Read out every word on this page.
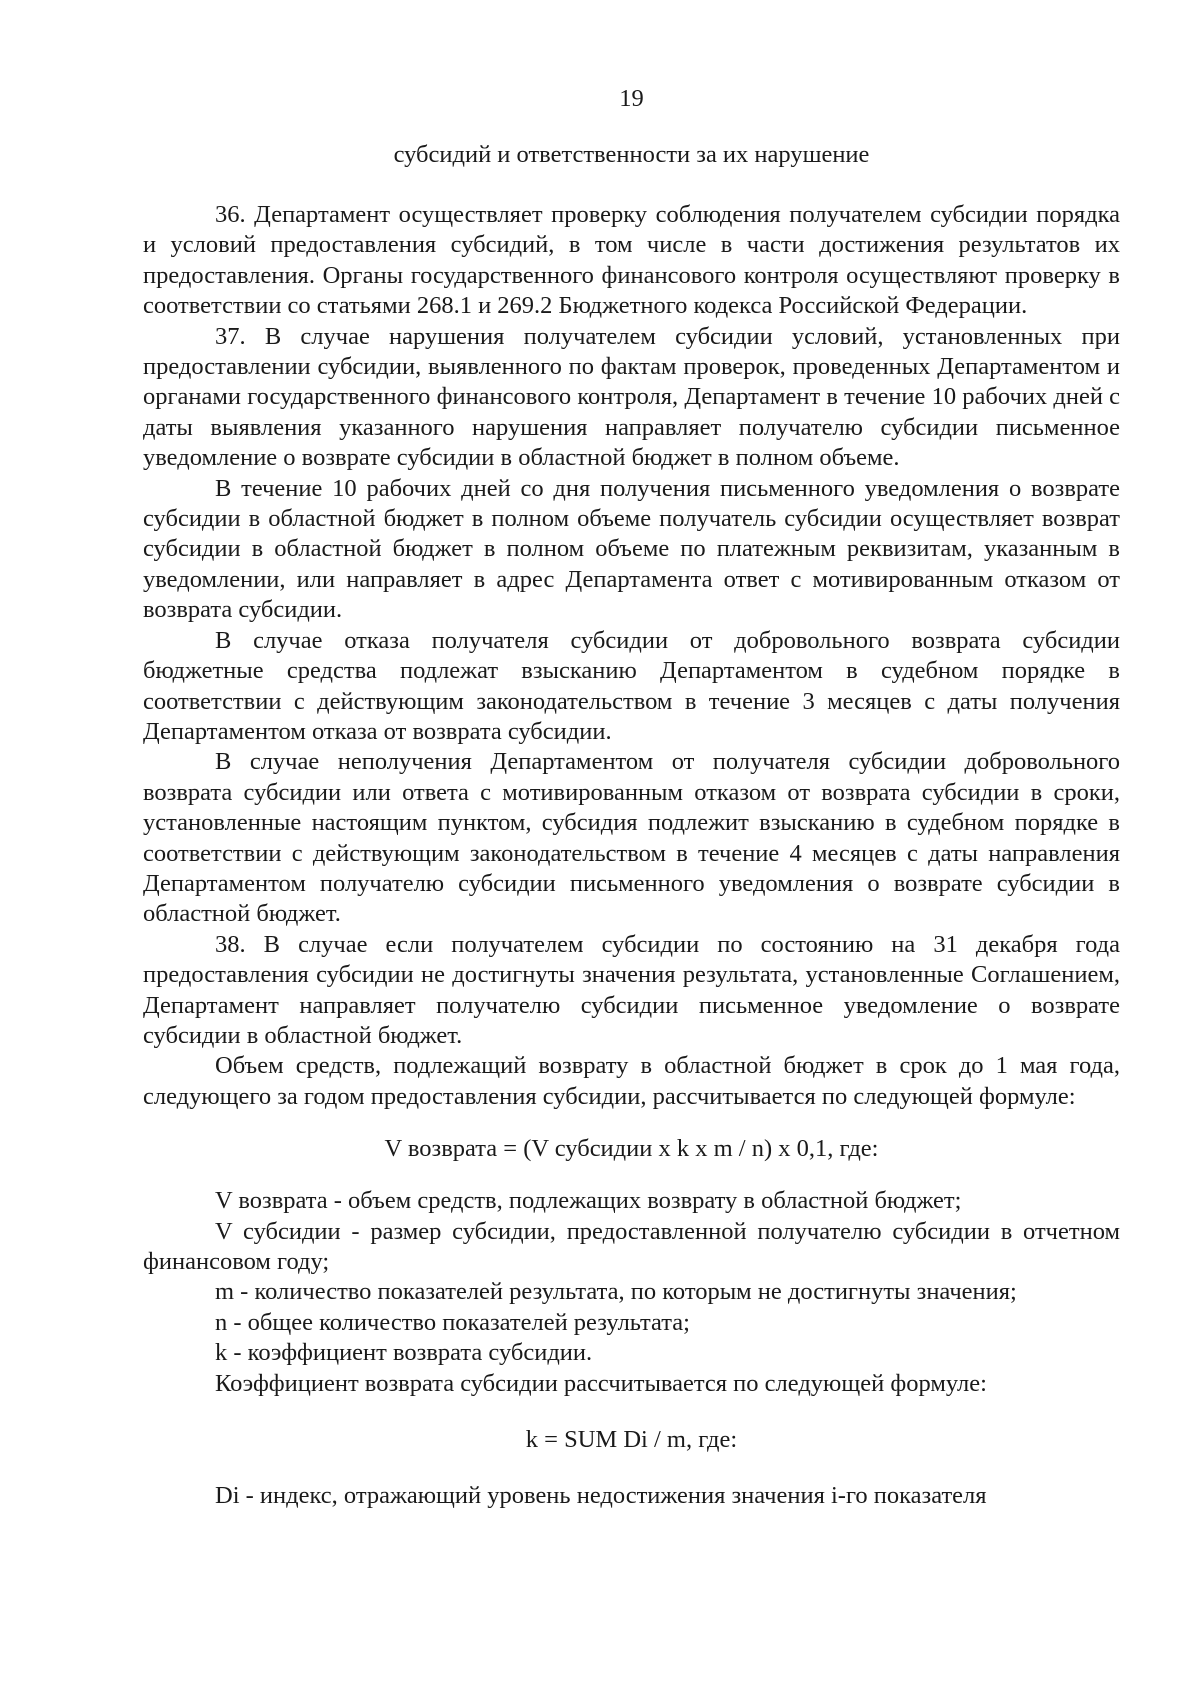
19
субсидий и ответственности за их нарушение

36. Департамент осуществляет проверку соблюдения получателем субсидии порядка и условий предоставления субсидий, в том числе в части достижения результатов их предоставления. Органы государственного финансового контроля осуществляют проверку в соответствии со статьями 268.1 и 269.2 Бюджетного кодекса Российской Федерации.

37. В случае нарушения получателем субсидии условий, установленных при предоставлении субсидии, выявленного по фактам проверок, проведенных Департаментом и органами государственного финансового контроля, Департамент в течение 10 рабочих дней с даты выявления указанного нарушения направляет получателю субсидии письменное уведомление о возврате субсидии в областной бюджет в полном объеме.

В течение 10 рабочих дней со дня получения письменного уведомления о возврате субсидии в областной бюджет в полном объеме получатель субсидии осуществляет возврат субсидии в областной бюджет в полном объеме по платежным реквизитам, указанным в уведомлении, или направляет в адрес Департамента ответ с мотивированным отказом от возврата субсидии.

В случае отказа получателя субсидии от добровольного возврата субсидии бюджетные средства подлежат взысканию Департаментом в судебном порядке в соответствии с действующим законодательством в течение 3 месяцев с даты получения Департаментом отказа от возврата субсидии.

В случае неполучения Департаментом от получателя субсидии добровольного возврата субсидии или ответа с мотивированным отказом от возврата субсидии в сроки, установленные настоящим пунктом, субсидия подлежит взысканию в судебном порядке в соответствии с действующим законодательством в течение 4 месяцев с даты направления Департаментом получателю субсидии письменного уведомления о возврате субсидии в областной бюджет.

38. В случае если получателем субсидии по состоянию на 31 декабря года предоставления субсидии не достигнуты значения результата, установленные Соглашением, Департамент направляет получателю субсидии письменное уведомление о возврате субсидии в областной бюджет.

Объем средств, подлежащий возврату в областной бюджет в срок до 1 мая года, следующего за годом предоставления субсидии, рассчитывается по следующей формуле:

V возврата = (V субсидии x k x m / n) x 0,1, где:

V возврата - объем средств, подлежащих возврату в областной бюджет;

V субсидии - размер субсидии, предоставленной получателю субсидии в отчетном финансовом году;

m - количество показателей результата, по которым не достигнуты значения;

n - общее количество показателей результата;

k - коэффициент возврата субсидии.

Коэффициент возврата субсидии рассчитывается по следующей формуле:

k = SUM Di / m, где:

Di - индекс, отражающий уровень недостижения значения i-го показателя
